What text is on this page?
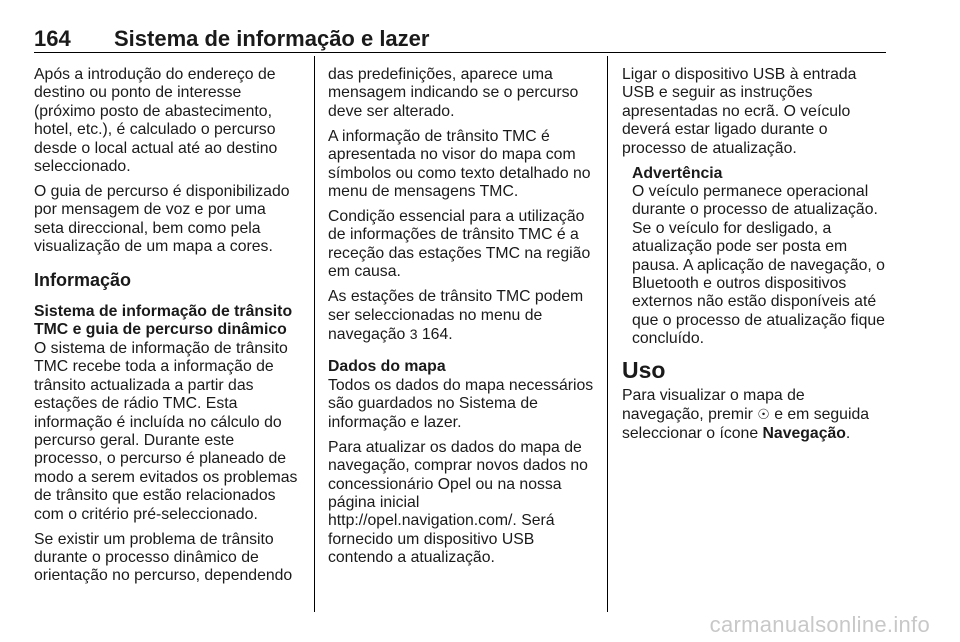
164 Sistema de informação e lazer

Após a introdução do endereço de destino ou ponto de interesse (próximo posto de abastecimento, hotel, etc.), é calculado o percurso desde o local actual até ao destino seleccionado.

O guia de percurso é disponibilizado por mensagem de voz e por uma seta direccional, bem como pela visualização de um mapa a cores.

Informação
Sistema de informação de trânsito TMC e guia de percurso dinâmico

O sistema de informação de trânsito TMC recebe toda a informação de trânsito actualizada a partir das estações de rádio TMC. Esta informação é incluída no cálculo do percurso geral. Durante este processo, o percurso é planeado de modo a serem evitados os problemas de trânsito que estão relacionados com o critério pré-seleccionado.

Se existir um problema de trânsito durante o processo dinâmico de orientação no percurso, dependendo

das predefinições, aparece uma mensagem indicando se o percurso deve ser alterado.

A informação de trânsito TMC é apresentada no visor do mapa com símbolos ou como texto detalhado no menu de mensagens TMC.

Condição essencial para a utilização de informações de trânsito TMC é a receção das estações TMC na região em causa.

As estações de trânsito TMC podem ser seleccionadas no menu de navegação 3 164.

Dados do mapa

Todos os dados do mapa necessários são guardados no Sistema de informação e lazer.

Para atualizar os dados do mapa de navegação, comprar novos dados no concessionário Opel ou na nossa página inicial http://opel.navigation.com/. Será fornecido um dispositivo USB contendo a atualização.

Ligar o dispositivo USB à entrada USB e seguir as instruções apresentadas no ecrã. O veículo deverá estar ligado durante o processo de atualização.

Advertência
O veículo permanece operacional durante o processo de atualização. Se o veículo for desligado, a atualização pode ser posta em pausa. A aplicação de navegação, o Bluetooth e outros dispositivos externos não estão disponíveis até que o processo de atualização fique concluído.
Uso

Para visualizar o mapa de navegação, premir ☉ e em seguida seleccionar o ícone Navegação.

carmanualsonline.info
